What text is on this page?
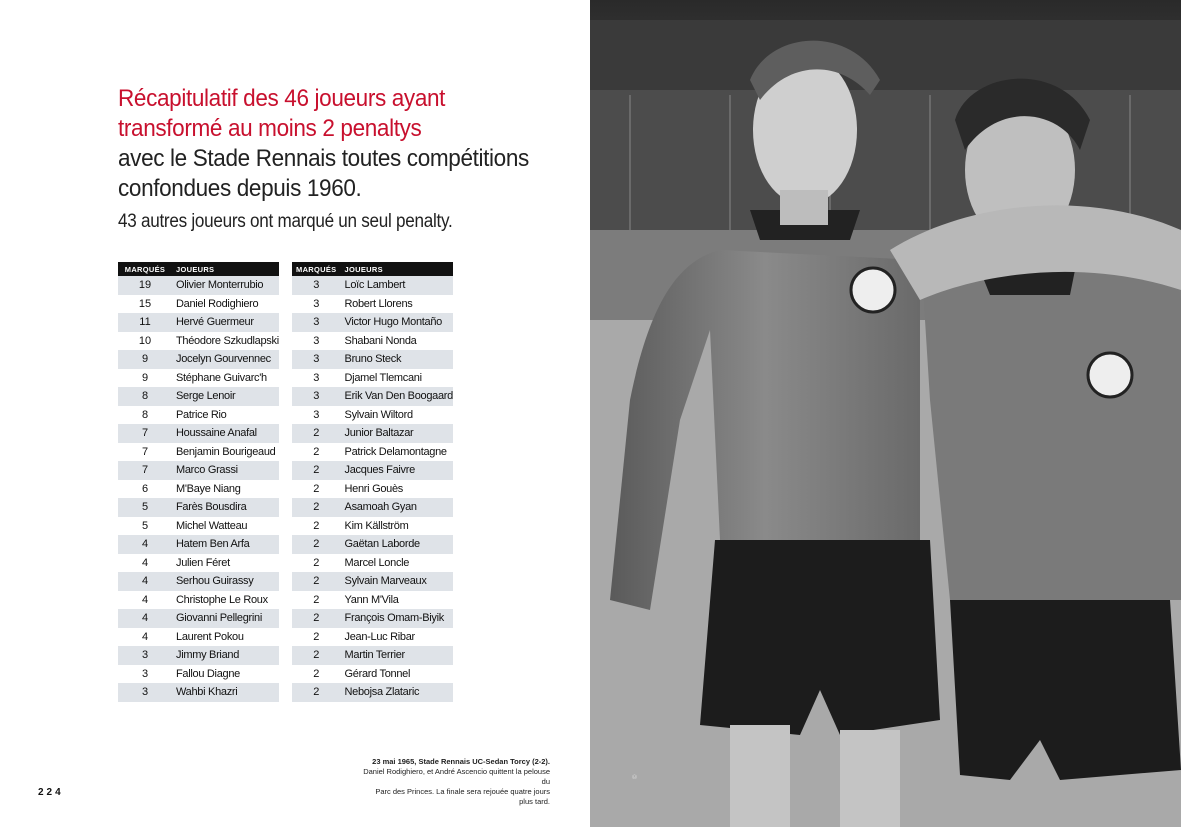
Récapitulatif des 46 joueurs ayant
transformé au moins 2 penaltys
avec le Stade Rennais toutes compétitions
confondues depuis 1960.
43 autres joueurs ont marqué un seul penalty.
MARQUÉS	JOUEURS
19	Olivier Monterrubio
15	Daniel Rodighiero
11	Hervé Guermeur
10	Théodore Szkudlapski
9	Jocelyn Gourvennec
9	Stéphane Guivarc'h
8	Serge Lenoir
8	Patrice Rio
7	Houssaine Anafal
7	Benjamin Bourigeaud
7	Marco Grassi
6	M'Baye Niang
5	Farès Bousdira
5	Michel Watteau
4	Hatem Ben Arfa
4	Julien Féret
4	Serhou Guirassy
4	Christophe Le Roux
4	Giovanni Pellegrini
4	Laurent Pokou
3	Jimmy Briand
3	Fallou Diagne
3	Wahbi Khazri
MARQUÉS	JOUEURS
3	Loïc Lambert
3	Robert Llorens
3	Victor Hugo Montaño
3	Shabani Nonda
3	Bruno Steck
3	Djamel Tlemcani
3	Erik Van Den Boogaard
3	Sylvain Wiltord
2	Junior Baltazar
2	Patrick Delamontagne
2	Jacques Faivre
2	Henri Gouès
2	Asamoah Gyan
2	Kim Källström
2	Gaëtan Laborde
2	Marcel Loncle
2	Sylvain Marveaux
2	Yann M'Vila
2	François Omam-Biyik
2	Jean-Luc Ribar
2	Martin Terrier
2	Gérard Tonnel
2	Nebojsa Zlataric
23 mai 1965, Stade Rennais UC-Sedan Torcy (2-2).
Daniel Rodighiero, et André Ascencio quittent la pelouse du
Parc des Princes. La finale sera rejouée quatre jours plus tard.
224
©
